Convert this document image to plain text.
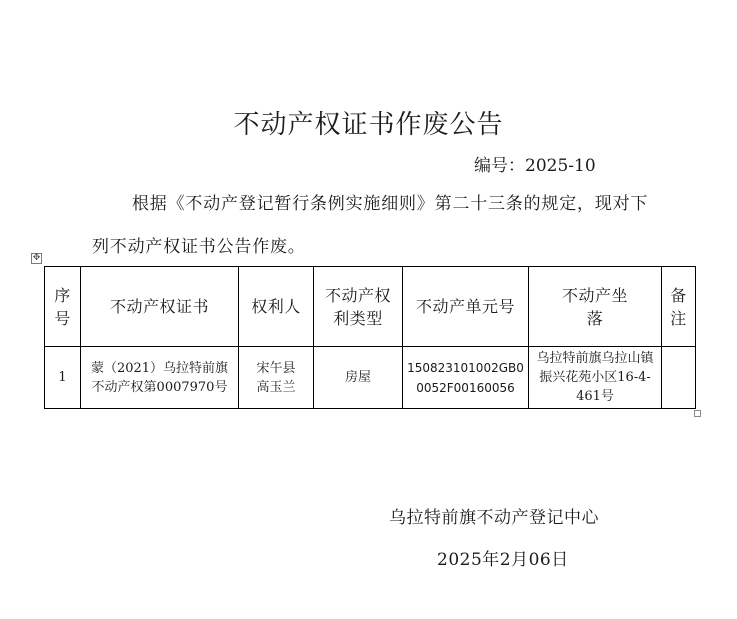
不动产权证书作废公告
编号：2025-10

根据《不动产登记暂行条例实施细则》第二十三条的规定，现对下列不动产权证书公告作废。

✥
序号	不动产权证书	权利人	不动产权利类型	不动产单元号	不动产坐落	备注
1	蒙（2021）乌拉特前旗不动产权第0007970号	宋午县高玉兰	房屋	150823101002GB00052F00160056	乌拉特前旗乌拉山镇振兴花苑小区16-4-461号	
乌拉特前旗不动产登记中心
2025年2月06日
